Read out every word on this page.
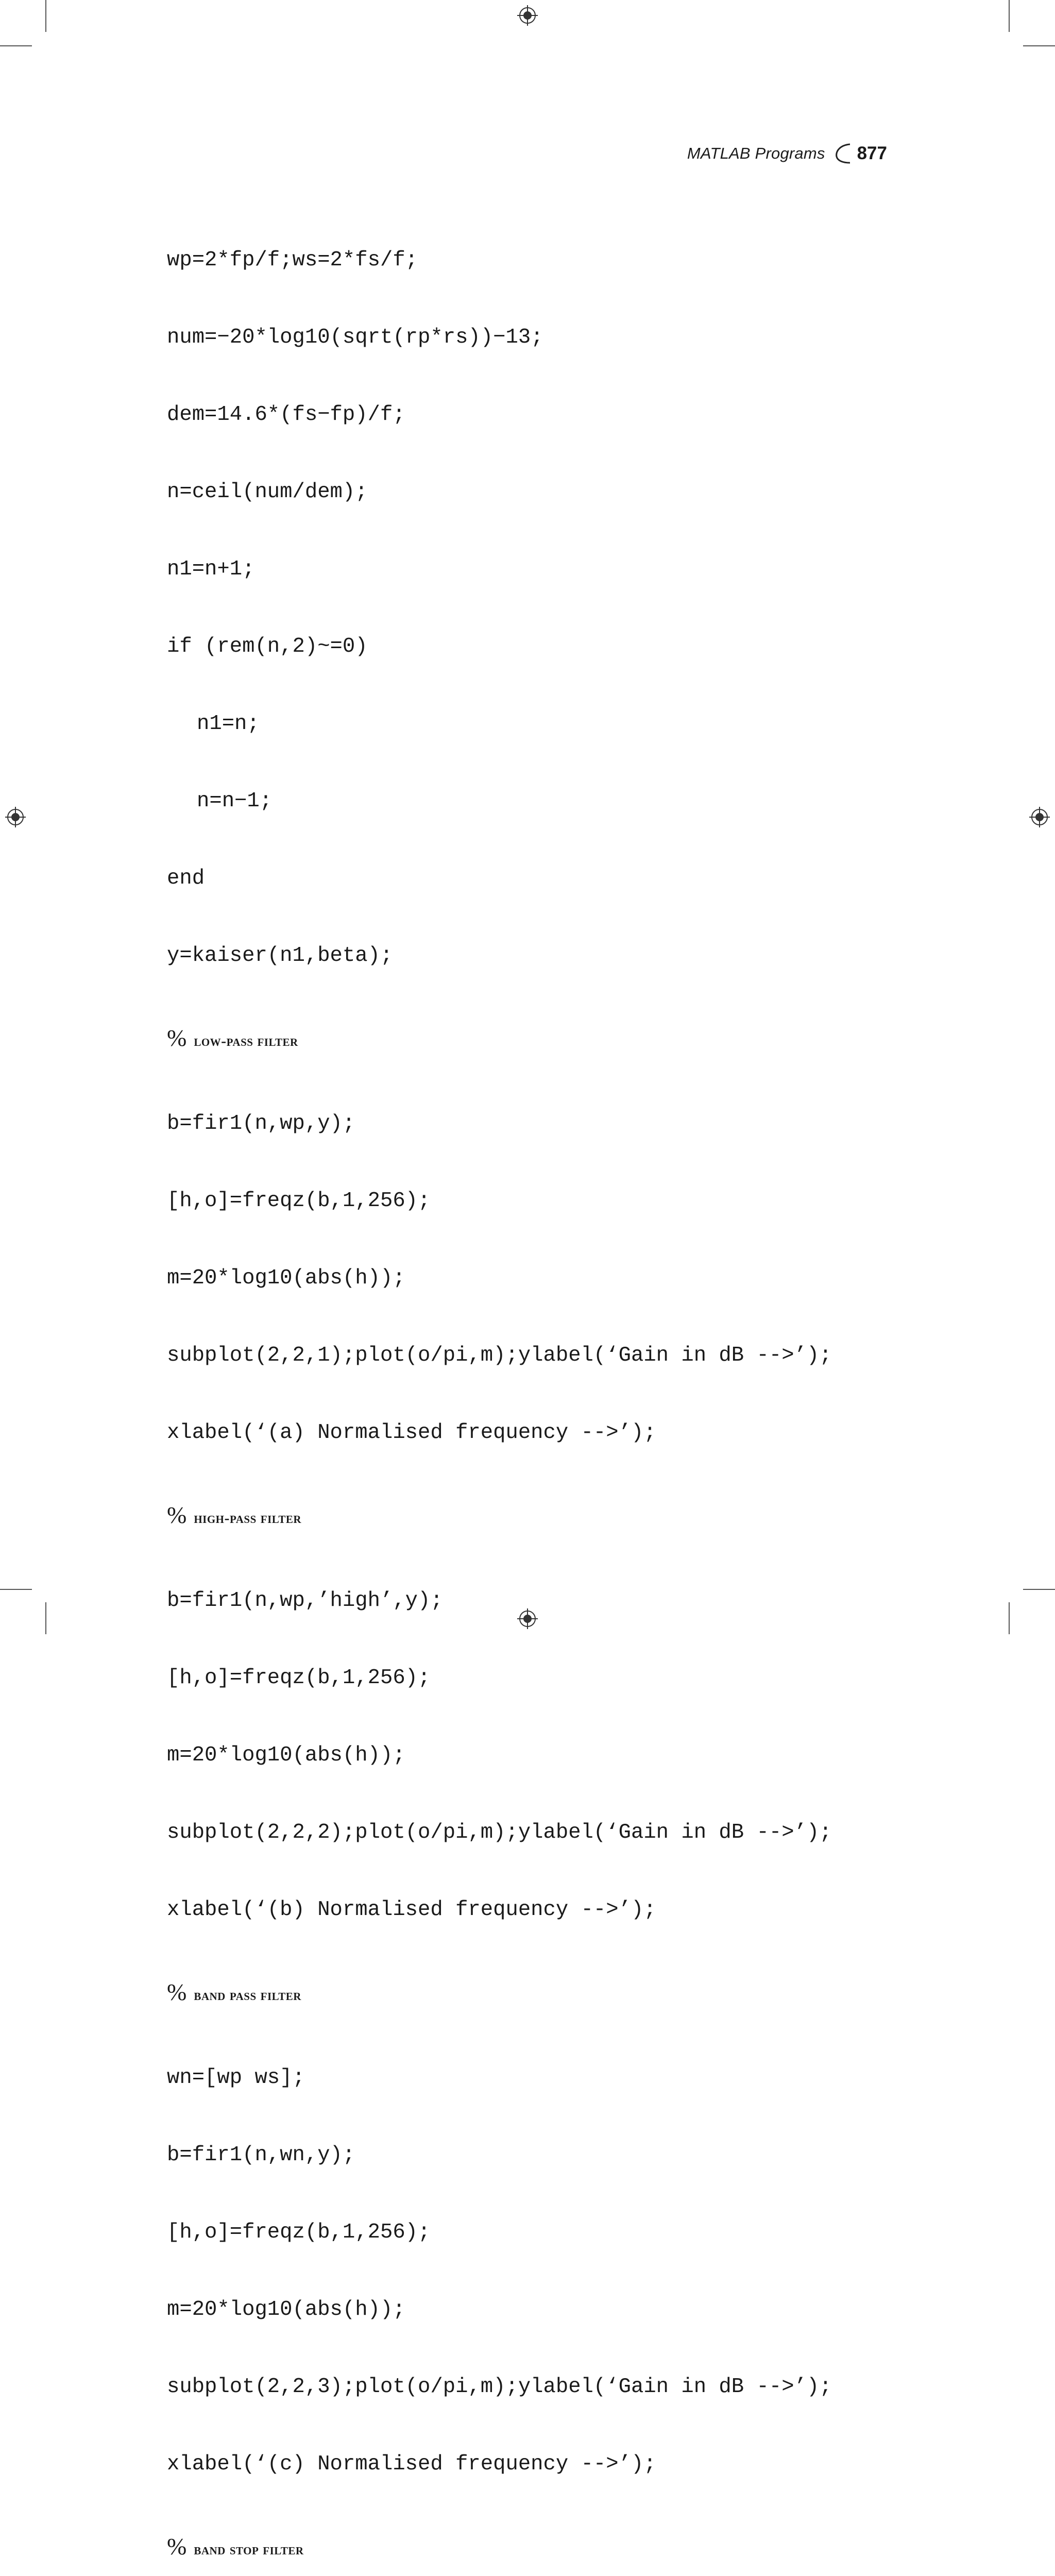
MATLAB Programs 877

wp=2*fp/f;ws=2*fs/f;

num=−20*log10(sqrt(rp*rs))−13;

dem=14.6*(fs−fp)/f;

n=ceil(num/dem);

n1=n+1;

if (rem(n,2)~=0)

n1=n;

n=n−1;

end

y=kaiser(n1,beta);

% low-pass filter

b=fir1(n,wp,y);

[h,o]=freqz(b,1,256);

m=20*log10(abs(h));

subplot(2,2,1);plot(o/pi,m);ylabel(‘Gain in dB -->’);

xlabel(‘(a) Normalised frequency -->’);

% high-pass filter

b=fir1(n,wp,’high’,y);

[h,o]=freqz(b,1,256);

m=20*log10(abs(h));

subplot(2,2,2);plot(o/pi,m);ylabel(‘Gain in dB -->’);

xlabel(‘(b) Normalised frequency -->’);

% band pass filter

wn=[wp ws];

b=fir1(n,wn,y);

[h,o]=freqz(b,1,256);

m=20*log10(abs(h));

subplot(2,2,3);plot(o/pi,m);ylabel(‘Gain in dB -->’);

xlabel(‘(c) Normalised frequency -->’);

% band stop filter
